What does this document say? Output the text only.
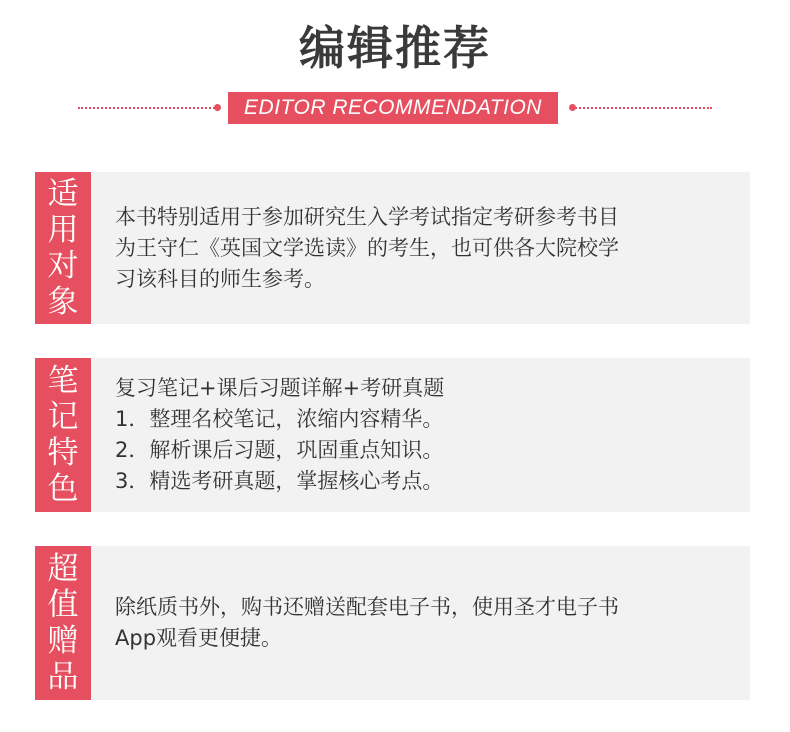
编辑推荐
EDITOR RECOMMENDATION
适
用
对
象

本书特别适用于参加研究生入学考试指定考研参考书目

为王守仁《英国文学选读》的考生，也可供各大院校学

习该科目的师生参考。

笔
记
特
色

复习笔记+课后习题详解+考研真题

1．整理名校笔记，浓缩内容精华。

2．解析课后习题，巩固重点知识。

3．精选考研真题，掌握核心考点。

超
值
赠
品

除纸质书外，购书还赠送配套电子书，使用圣才电子书

App观看更便捷。
